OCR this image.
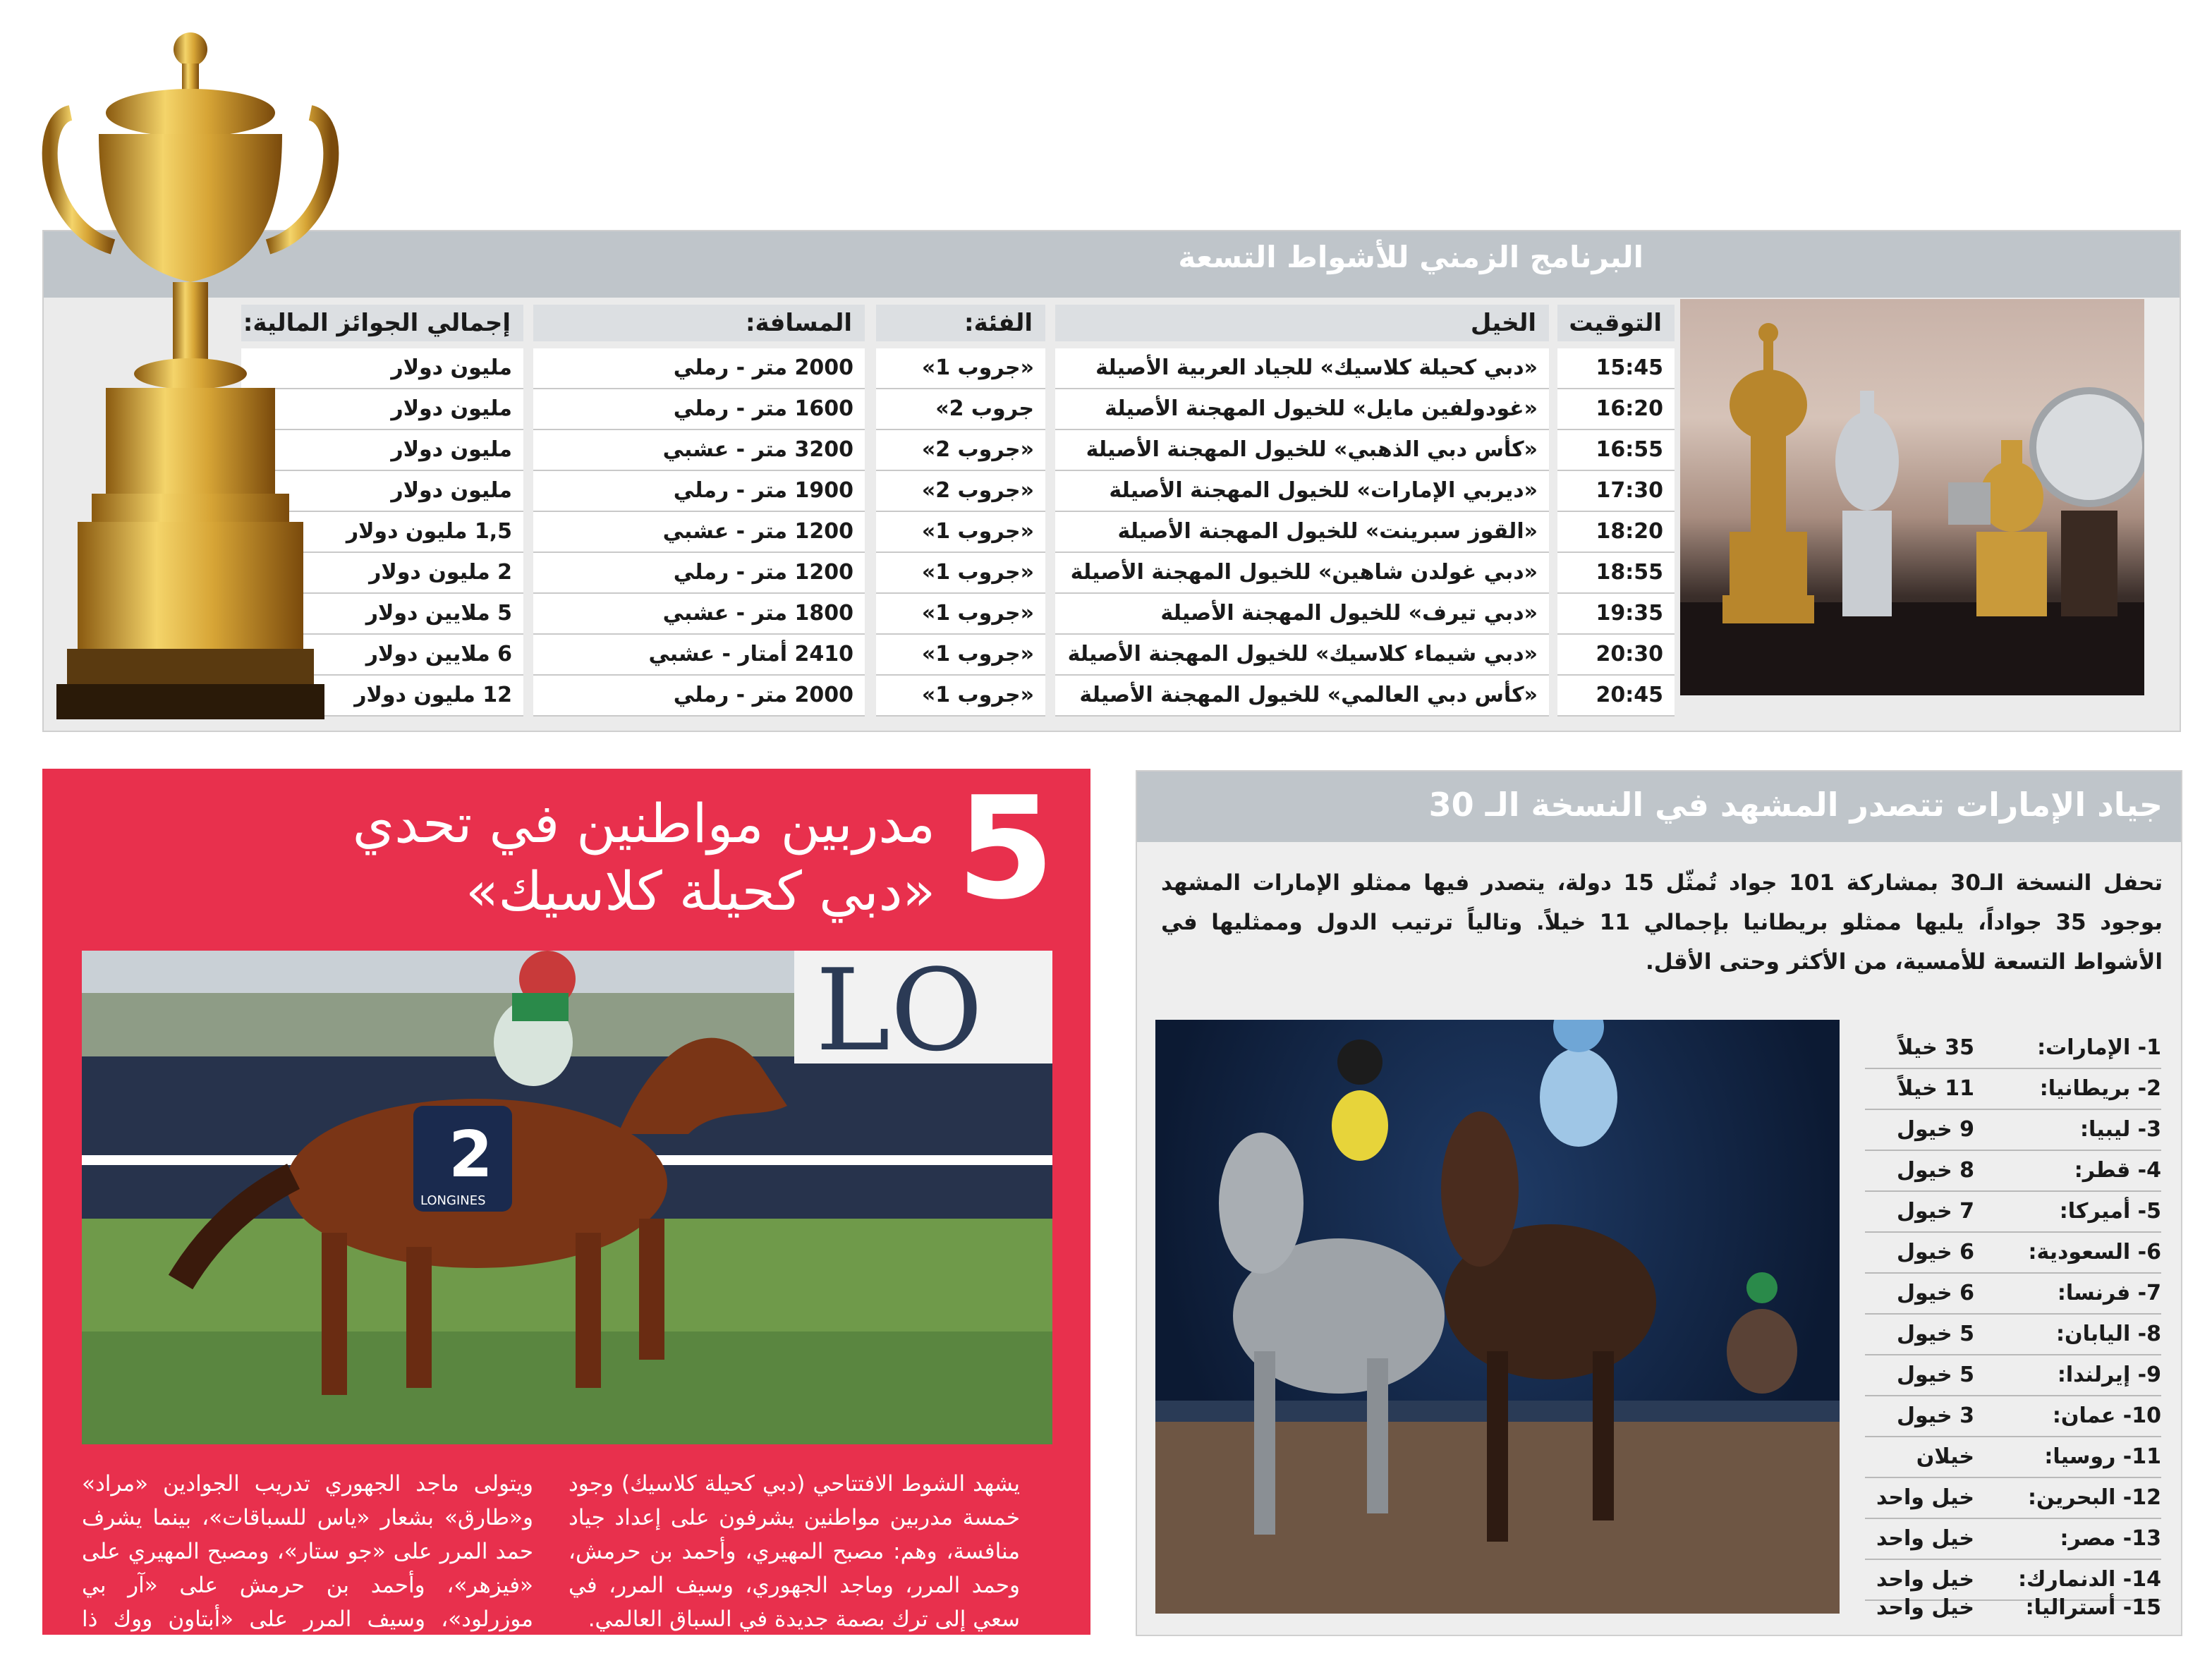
البرنامج الزمني للأشواط التسعة
التوقيت
الخيل
الفئة:
المسافة:
إجمالي الجوائز المالية:
15:45
«دبي كحيلة كلاسيك» للجياد العربية الأصيلة
«جروب 1»
2000 متر - رملي
مليون دولار
16:20
«غودولفين مايل» للخيول المهجنة الأصيلة
جروب 2»
1600 متر - رملي
مليون دولار
16:55
«كأس دبي الذهبي» للخيول المهجنة الأصيلة
«جروب 2»
3200 متر - عشبي
مليون دولار
17:30
«ديربي الإمارات» للخيول المهجنة الأصيلة
«جروب 2»
1900 متر - رملي
مليون دولار
18:20
«القوز سبرينت» للخيول المهجنة الأصيلة
«جروب 1»
1200 متر - عشبي
1,5 مليون دولار
18:55
«دبي غولدن شاهين» للخيول المهجنة الأصيلة
«جروب 1»
1200 متر - رملي
2 مليون دولار
19:35
«دبي تيرف» للخيول المهجنة الأصيلة
«جروب 1»
1800 متر - عشبي
5 ملايين دولار
20:30
«دبي شيماء كلاسيك» للخيول المهجنة الأصيلة
«جروب 1»
2410 أمتار - عشبي
6 ملايين دولار
20:45
«كأس دبي العالمي» للخيول المهجنة الأصيلة
«جروب 1»
2000 متر - رملي
12 مليون دولار
جياد الإمارات تتصدر المشهد في النسخة الـ 30
تحفل النسخة الـ30 بمشاركة 101 جواد تُمثّل 15 دولة، يتصدر فيها ممثلو الإمارات المشهد بوجود 35 جواداً، يليها ممثلو بريطانيا بإجمالي 11 خيلاً. وتالياً ترتيب الدول وممثليها في الأشواط التسعة للأمسية، من الأكثر وحتى الأقل.
1- الإمارات:
35 خيلاً
2- بريطانيا:
11 خيلاً
3- ليبيا:
9 خيول
4- قطر:
8 خيول
5- أميركا:
7 خيول
6- السعودية:
6 خيول
7- فرنسا:
6 خيول
8- اليابان:
5 خيول
9- إيرلندا:
5 خيول
10- عمان:
3 خيول
11- روسيا:
خيلان
12- البحرين:
خيل واحد
13- مصر:
خيل واحد
14- الدنمارك:
خيل واحد
15- أستراليا:
خيل واحد
5
مدربين مواطنين في تحدي
«دبي كحيلة كلاسيك»
LO
2
LONGINES
يشهد الشوط الافتتاحي (دبي كحيلة كلاسيك) وجود خمسة مدربين مواطنين يشرفون على إعداد جياد منافسة، وهم: مصبح المهيري، وأحمد بن حرمش، وحمد المرر، وماجد الجهوري، وسيف المرر، في سعي إلى ترك بصمة جديدة في السباق العالمي.
ويتولى ماجد الجهوري تدريب الجوادين «مراد» و«طارق» بشعار «ياس للسباقات»، بينما يشرف حمد المرر على «جو ستار»، ومصبح المهيري على «فيزهر»، وأحمد بن حرمش على «آر بي موزرلود»، وسيف المرر على «أبتاون ووك ذا لاين».
